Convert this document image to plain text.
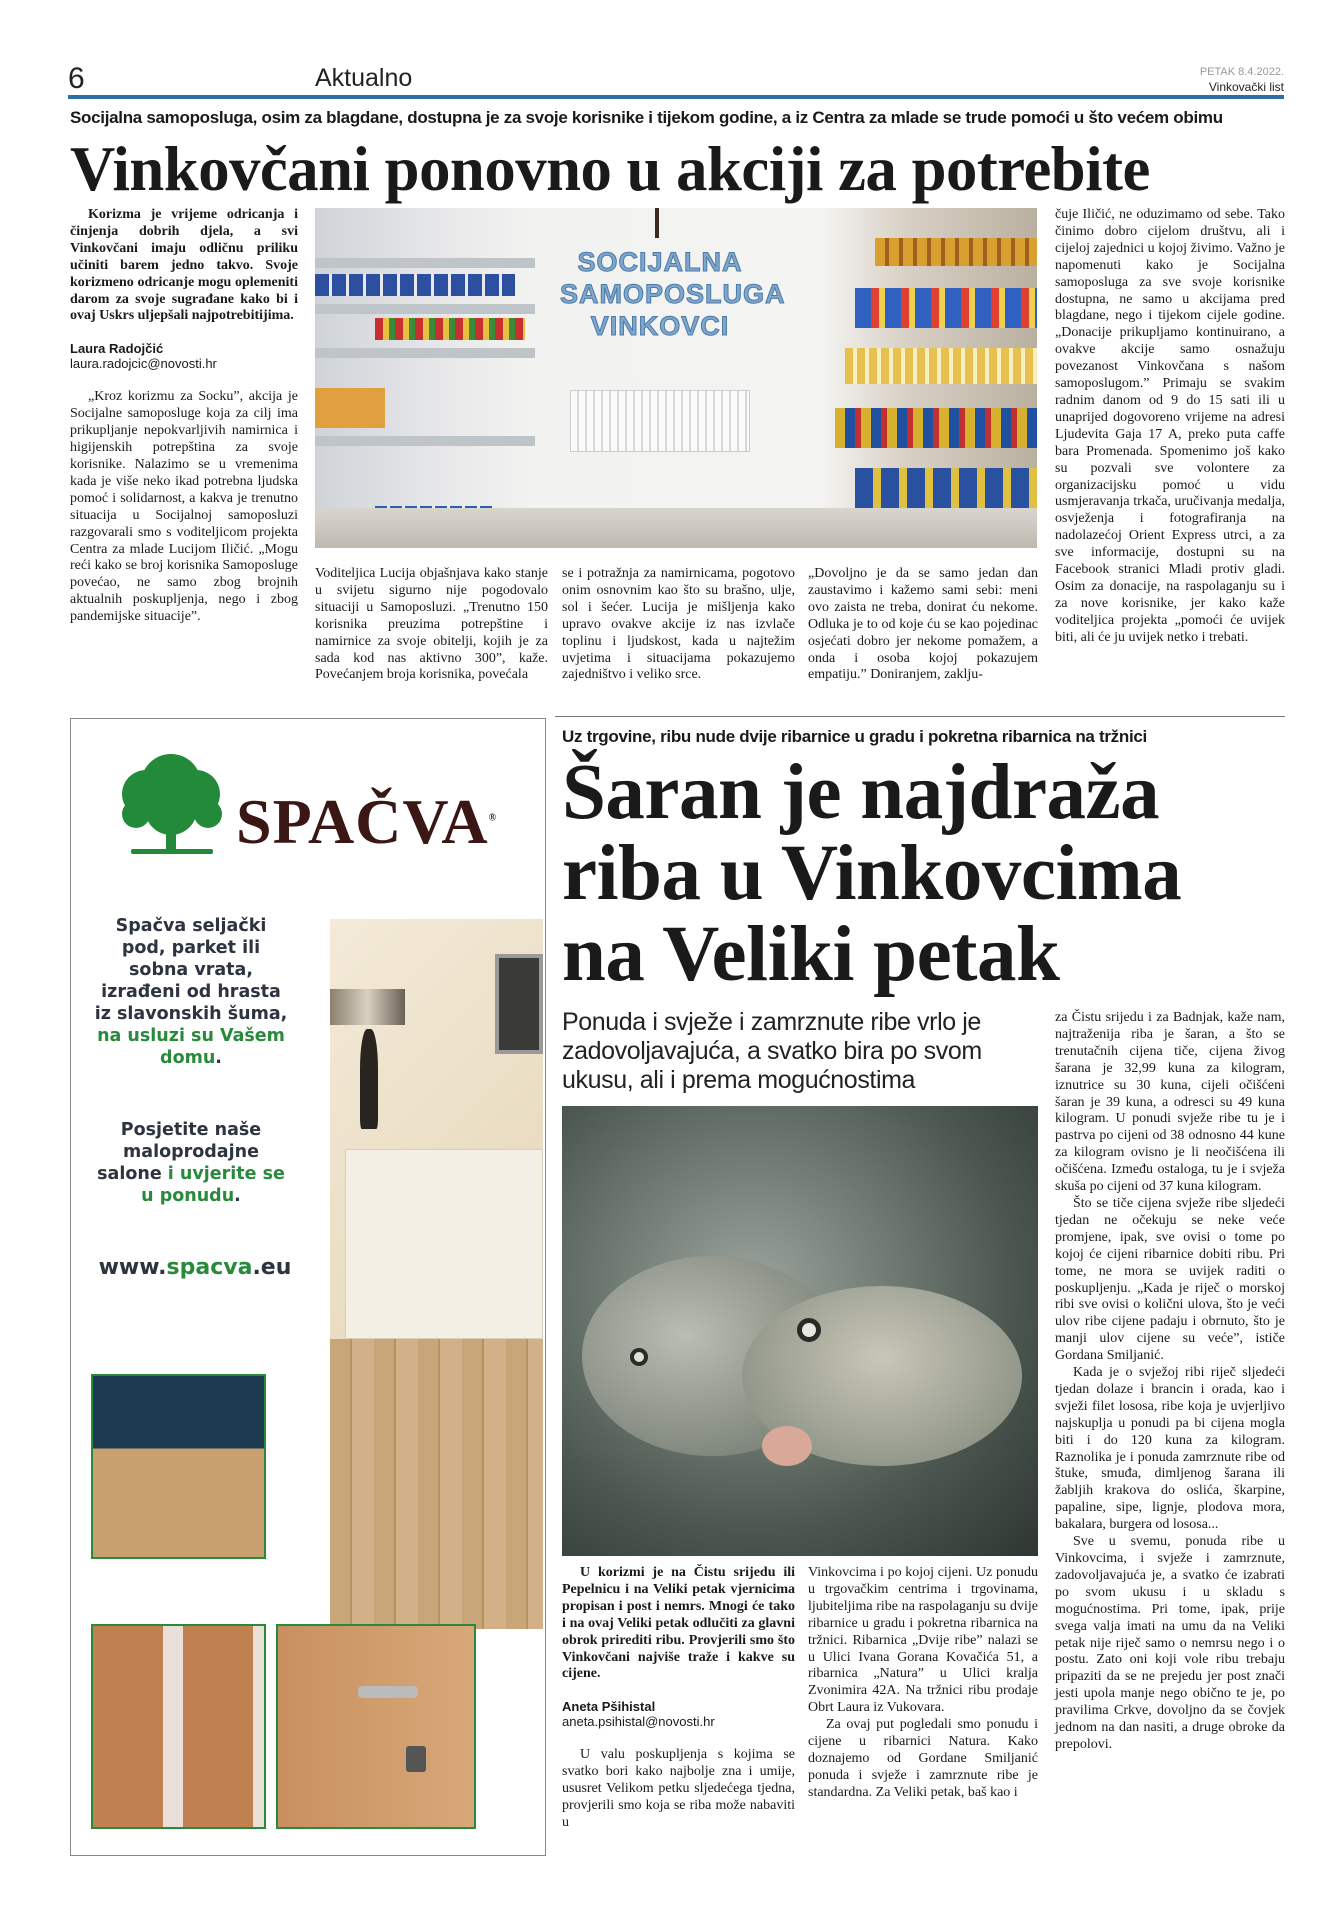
6	Aktualno	PETAK 8.4.2022.
Vinkovački list
Socijalna samoposluga, osim za blagdane, dostupna je za svoje korisnike i tijekom godine, a iz Centra za mlade se trude pomoći u što većem obimu
Vinkovčani ponovno u akciji za potrebite

Korizma je vrijeme odricanja i činjenja dobrih djela, a svi Vinkovčani imaju odličnu priliku učiniti barem jedno takvo. Svoje korizmeno odricanje mogu oplemeniti darom za svoje sugrađane kako bi i ovaj Uskrs uljepšali najpotrebitijima.

Laura Radojčić

laura.radojcic@novosti.hr

„Kroz korizmu za Socku”, akcija je Socijalne samoposluge koja za cilj ima prikupljanje nepokvarljivih namirnica i higijenskih potrepština za svoje korisnike. Nalazimo se u vremenima kada je više neko ikad potrebna ljudska pomoć i solidarnost, a kakva je trenutno situacija u Socijalnoj samoposluzi razgovarali smo s voditeljicom projekta Centra za mlade Lucijom Iličić. „Mogu reći kako se broj korisnika Samoposluge povećao, ne samo zbog brojnih aktualnih poskupljenja, nego i zbog pandemijske situacije”.

SOCIJALNA
SAMOPOSLUGA
VINKOVCI

Voditeljica Lucija objašnjava kako stanje u svijetu sigurno nije pogodovalo situaciji u Samoposluzi. „Trenutno 150 korisnika preuzima potrepštine i namirnice za svoje obitelji, kojih je za sada kod nas aktivno 300”, kaže. Povećanjem broja korisnika, povećala

se i potražnja za namirnicama, pogotovo onim osnovnim kao što su brašno, ulje, sol i šećer. Lucija je mišljenja kako upravo ovakve akcije iz nas izvlače toplinu i ljudskost, kada u najtežim uvjetima i situacijama pokazujemo zajedništvo i veliko srce.

„Dovoljno je da se samo jedan dan zaustavimo i kažemo sami sebi: meni ovo zaista ne treba, donirat ću nekome. Odluka je to od koje ću se kao pojedinac osjećati dobro jer nekome pomažem, a onda i osoba kojoj pokazujem empatiju.” Doniranjem, zaklju-

čuje Iličić, ne oduzimamo od sebe. Tako činimo dobro cijelom društvu, ali i cijeloj zajednici u kojoj živimo. Važno je napomenuti kako je Socijalna samoposluga za sve svoje korisnike dostupna, ne samo u akcijama pred blagdane, nego i tijekom cijele godine. „Donacije prikupljamo kontinuirano, a ovakve akcije samo osnažuju povezanost Vinkovčana s našom samoposlugom.” Primaju se svakim radnim danom od 9 do 15 sati ili u unaprijed dogovoreno vrijeme na adresi Ljudevita Gaja 17 A, preko puta caffe bara Promenada. Spomenimo još kako su pozvali sve volontere za organizacijsku pomoć u vidu usmjeravanja trkača, uručivanja medalja, osvježenja i fotografiranja na nadolazećoj Orient Express utrci, a za sve informacije, dostupni su na Facebook stranici Mladi protiv gladi. Osim za donacije, na raspolaganju su i za nove korisnike, jer kako kaže voditeljica projekta „pomoći će uvijek biti, ali će ju uvijek netko i trebati.

SPAČVA®
Spačva seljački pod, parket ili sobna vrata, izrađeni od hrasta iz slavonskih šuma, na usluzi su Vašem domu.
Posjetite naše maloprodajne salone i uvjerite se u ponudu.
www.spacva.eu
Uz trgovine, ribu nude dvije ribarnice u gradu i pokretna ribarnica na tržnici
Šaran je najdraža
riba u Vinkovcima
na Veliki petak
Ponuda i svježe i zamrznute ribe vrlo je zadovoljavajuća, a svatko bira po svom ukusu, ali i prema mogućnostima

U korizmi je na Čistu srijedu ili Pepelnicu i na Veliki petak vjernicima propisan i post i nemrs. Mnogi će tako i na ovaj Veliki petak odlučiti za glavni obrok prirediti ribu. Provjerili smo što Vinkovčani najviše traže i kakve su cijene.

Aneta Pšihistal

aneta.psihistal@novosti.hr

U valu poskupljenja s kojima se svatko bori kako najbolje zna i umije, ususret Velikom petku sljedećega tjedna, provjerili smo koja se riba može nabaviti u

Vinkovcima i po kojoj cijeni. Uz ponudu u trgovačkim centrima i trgovinama, ljubiteljima ribe na raspolaganju su dvije ribarnice u gradu i pokretna ribarnica na tržnici. Ribarnica „Dvije ribe” nalazi se u Ulici Ivana Gorana Kovačića 51, a ribarnica „Natura” u Ulici kralja Zvonimira 42A. Na tržnici ribu prodaje Obrt Laura iz Vukovara.

Za ovaj put pogledali smo ponudu i cijene u ribarnici Natura. Kako doznajemo od Gordane Smiljanić ponuda i svježe i zamrznute ribe je standardna. Za Veliki petak, baš kao i

za Čistu srijedu i za Badnjak, kaže nam, najtraženija riba je šaran, a što se trenutačnih cijena tiče, cijena živog šarana je 32,99 kuna za kilogram, iznutrice su 30 kuna, cijeli očišćeni šaran je 39 kuna, a odresci su 49 kuna kilogram. U ponudi svježe ribe tu je i pastrva po cijeni od 38 odnosno 44 kune za kilogram ovisno je li neočišćena ili očišćena. Između ostaloga, tu je i svježa skuša po cijeni od 37 kuna kilogram.

Što se tiče cijena svježe ribe sljedeći tjedan ne očekuju se neke veće promjene, ipak, sve ovisi o tome po kojoj će cijeni ribarnice dobiti ribu. Pri tome, ne mora se uvijek raditi o poskupljenju. „Kada je riječ o morskoj ribi sve ovisi o količni ulova, što je veći ulov ribe cijene padaju i obrnuto, što je manji ulov cijene su veće”, ističe Gordana Smiljanić.

Kada je o svježoj ribi riječ sljedeći tjedan dolaze i brancin i orada, kao i svježi filet lososa, ribe koja je uvjerljivo najskuplja u ponudi pa bi cijena mogla biti i do 120 kuna za kilogram. Raznolika je i ponuda zamrznute ribe od štuke, smuđa, dimljenog šarana ili žabljih krakova do oslića, škarpine, papaline, sipe, lignje, plodova mora, bakalara, burgera od lososa...

Sve u svemu, ponuda ribe u Vinkovcima, i svježe i zamrznute, zadovoljavajuća je, a svatko će izabrati po svom ukusu i u skladu s mogućnostima. Pri tome, ipak, prije svega valja imati na umu da na Veliki petak nije riječ samo o nemrsu nego i o postu. Zato oni koji vole ribu trebaju pripaziti da se ne prejedu jer post znači jesti upola manje nego obično te je, po pravilima Crkve, dovoljno da se čovjek jednom na dan nasiti, a druge obroke da prepolovi.
